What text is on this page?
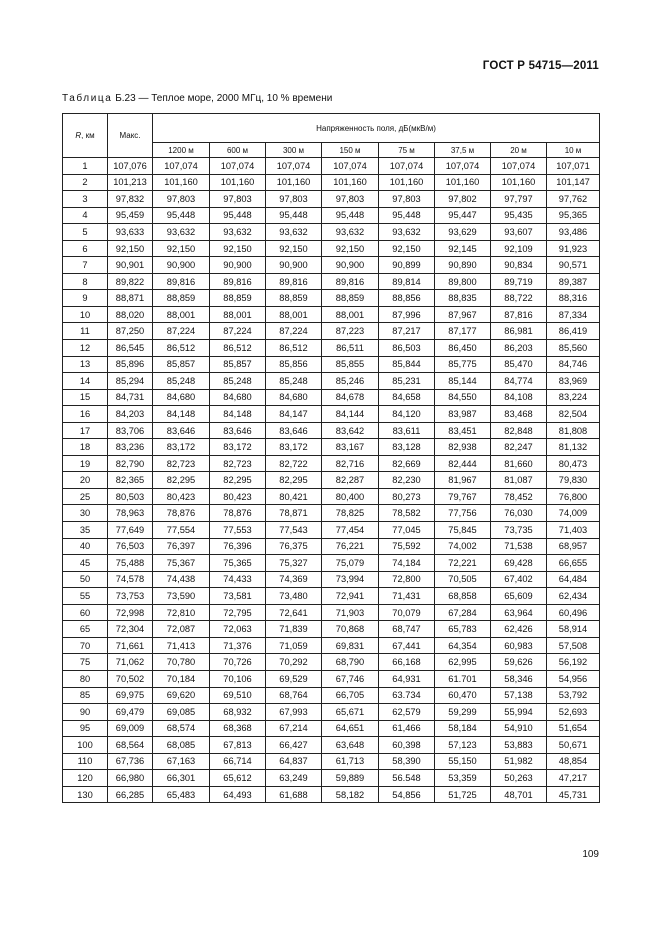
ГОСТ Р 54715—2011
Таблица Б.23 — Теплое море, 2000 МГц, 10 % времени
R, км	Макс.	Напряженность поля, дБ(мкВ/м)							
		1200 м	600 м	300 м	150 м	75 м	37,5 м	20 м	10 м
1	107,076	107,074	107,074	107,074	107,074	107,074	107,074	107,074	107,071
2	101,213	101,160	101,160	101,160	101,160	101,160	101,160	101,160	101,147
3	97,832	97,803	97,803	97,803	97,803	97,803	97,802	97,797	97,762
4	95,459	95,448	95,448	95,448	95,448	95,448	95,447	95,435	95,365
5	93,633	93,632	93,632	93,632	93,632	93,632	93,629	93,607	93,486
6	92,150	92,150	92,150	92,150	92,150	92,150	92,145	92,109	91,923
7	90,901	90,900	90,900	90,900	90,900	90,899	90,890	90,834	90,571
8	89,822	89,816	89,816	89,816	89,816	89,814	89,800	89,719	89,387
9	88,871	88,859	88,859	88,859	88,859	88,856	88,835	88,722	88,316
10	88,020	88,001	88,001	88,001	88,001	87,996	87,967	87,816	87,334
11	87,250	87,224	87,224	87,224	87,223	87,217	87,177	86,981	86,419
12	86,545	86,512	86,512	86,512	86,511	86,503	86,450	86,203	85,560
13	85,896	85,857	85,857	85,856	85,855	85,844	85,775	85,470	84,746
14	85,294	85,248	85,248	85,248	85,246	85,231	85,144	84,774	83,969
15	84,731	84,680	84,680	84,680	84,678	84,658	84,550	84,108	83,224
16	84,203	84,148	84,148	84,147	84,144	84,120	83,987	83,468	82,504
17	83,706	83,646	83,646	83,646	83,642	83,611	83,451	82,848	81,808
18	83,236	83,172	83,172	83,172	83,167	83,128	82,938	82,247	81,132
19	82,790	82,723	82,723	82,722	82,716	82,669	82,444	81,660	80,473
20	82,365	82,295	82,295	82,295	82,287	82,230	81,967	81,087	79,830
25	80,503	80,423	80,423	80,421	80,400	80,273	79,767	78,452	76,800
30	78,963	78,876	78,876	78,871	78,825	78,582	77,756	76,030	74,009
35	77,649	77,554	77,553	77,543	77,454	77,045	75,845	73,735	71,403
40	76,503	76,397	76,396	76,375	76,221	75,592	74,002	71,538	68,957
45	75,488	75,367	75,365	75,327	75,079	74,184	72,221	69,428	66,655
50	74,578	74,438	74,433	74,369	73,994	72,800	70,505	67,402	64,484
55	73,753	73,590	73,581	73,480	72,941	71,431	68,858	65,609	62,434
60	72,998	72,810	72,795	72,641	71,903	70,079	67,284	63,964	60,496
65	72,304	72,087	72,063	71,839	70,868	68,747	65,783	62,426	58,914
70	71,661	71,413	71,376	71,059	69,831	67,441	64,354	60,983	57,508
75	71,062	70,780	70,726	70,292	68,790	66,168	62,995	59,626	56,192
80	70,502	70,184	70,106	69,529	67,746	64,931	61.701	58,346	54,956
85	69,975	69,620	69,510	68,764	66,705	63.734	60,470	57,138	53,792
90	69,479	69,085	68,932	67,993	65,671	62,579	59,299	55,994	52,693
95	69,009	68,574	68,368	67,214	64,651	61,466	58,184	54,910	51,654
100	68,564	68,085	67,813	66,427	63,648	60,398	57,123	53,883	50,671
110	67,736	67,163	66,714	64,837	61,713	58,390	55,150	51,982	48,854
120	66,980	66,301	65,612	63,249	59,889	56.548	53,359	50,263	47,217
130	66,285	65,483	64,493	61,688	58,182	54,856	51,725	48,701	45,731
109
